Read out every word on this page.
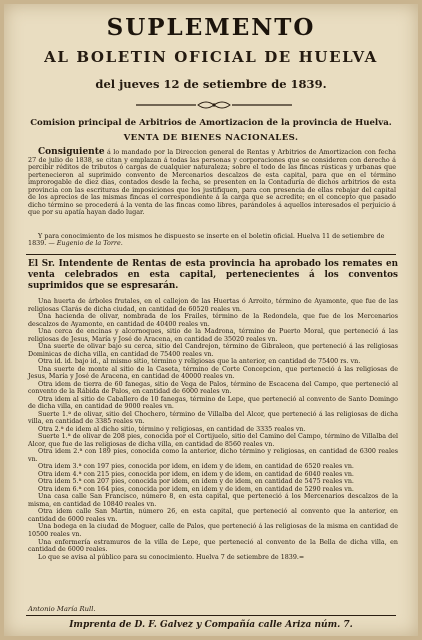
SUPLEMENTO
AL BOLETIN OFICIAL DE HUELVA
del jueves 12 de setiembre de 1839.
Comision principal de Arbitrios de Amortizacion de la provincia de Huelva.
VENTA DE BIENES NACIONALES.
Consiguiente á lo mandado por la Direccion general de Rentas y Arbitrios de Amortizacion con fecha 27 de julio de 1838, se citan y emplazan á todas las personas y corporaciones que se consideren con derecho á percibir réditos de tributos ó cargas de cualquier naturaleza; sobre el todo de las fincas rústicas y urbanas que pertenecieron al suprimido convento de Mercenarios descalzos de esta capital, para que en el término improrogable de diez dias, contados desde la fecha, se presenten en la Contaduría de dichos arbitrios de esta provincia con las escrituras de imposiciones que los justifiquen, para con presencia de ellas rebajar del capital de los aprecios de las mismas fincas el correspondiente á la carga que se acredite; en el concepto que pasado dicho término se procederá á la venta de las fincas como libres, parándoles á aquellos interesados el perjuicio á que por su apatía hayan dado lugar.
Y para conocimiento de los mismos he dispuesto se inserte en el boletin oficial. Huelva 11 de setiembre de 1839. — Eugenio de la Torre.
El Sr. Intendente de Rentas de esta provincia ha aprobado los remates en venta celebrados en esta capital, pertenecientes á los conventos suprimidos que se espresarán.

Una huerta de árboles frutales, en el callejon de las Huertas ó Arroito, término de Ayamonte, que fue de las religiosas Clarás de dicha ciudad, en cantidad de 60520 reales vn.

Una hacienda de olivar, nombrada de los Frailes, término de la Redondela, que fue de los Mercenarios descalzos de Ayamonte, en cantidad de 40400 reales vn.

Una cerca de encinas y alcornoques, sitio de la Madrona, término de Puerto Moral, que perteneció á las religiosas de Jesus, María y José de Aracena, en cantidad de 35020 reales vn.

Una suerte de olivar bajo su cerca, sitio del Candrejon, término de Gibraleon, que perteneció á las religiosas Dominicas de dicha villa, en cantidad de 75400 reales vn.

Otra id. id. bajo id., al mismo sitio, término y religiosas que la anterior, en cantidad de 75400 rs. vn.

Una suerte de monte al sitio de la Caseta, término de Corte Concepcion, que perteneció á las religiosas de Jesus, María y José de Aracena, en cantidad de 40000 reales vn.

Otra idem de tierra de 60 fanegas, sitio de Vega de Palos, término de Escacena del Campo, que perteneció al convento de la Rábida de Palos, en cantidad de 6000 reales vn.

Otra idem al sitio de Caballero de 10 fanegas, término de Lepe, que perteneció al convento de Santo Domingo de dicha villa, en cantidad de 9000 reales vn.

Suerte 1.ª de olivar, sitio del Chochero, término de Villalba del Alcor, que perteneció á las religiosas de dicha villa, en cantidad de 3385 reales vn.

Otra 2.ª de idem al dicho sitio, término y religiosas, en cantidad de 3335 reales vn.

Suerte 1.ª de olivar de 208 pies, conocida por el Cortijuelo, sitio del Camino del Campo, término de Villalba del Alcor, que fue de las religiosas de dicha villa, en cantidad de 8560 reales vn.

Otra idem 2.ª con 189 pies, conocida como la anterior, dicho término y religiosas, en cantidad de 6300 reales vn.

Otra idem 3.ª con 197 pies, conocida por idem, en idem y de idem, en cantidad de 6520 reales vn.

Otra idem 4.ª con 215 pies, conocida por idem, en idem y de idem, en cantidad de 6040 reales vn.

Otra idem 5.ª con 207 pies, conocida por idem, en idem y de idem, en cantidad de 5475 reales vn.

Otra idem 6.ª con 164 pies, conocida por idem, en idem y de idem, en cantidad de 5290 reales vn.

Una casa calle San Francisco, número 8, en esta capital, que perteneció á los Mercenarios descalzos de la misma, en cantidad de 10840 reales vn.

Otra idem calle San Martin, número 26, en esta capital, que perteneció al convento que la anterior, en cantidad de 6000 reales vn.

Una bodega en la ciudad de Moguer, calle de Palos, que perteneció á las religiosas de la misma en cantidad de 10500 reales vn.

Una enfermería estramuros de la villa de Lepe, que perteneció al convento de la Bella de dicha villa, en cantidad de 6000 reales.

Lo que se avisa al público para su conocimiento. Huelva 7 de setiembre de 1839.=

Antonio María Rull.
Imprenta de D. F. Galvez y Compañía calle Ariza núm. 7.
